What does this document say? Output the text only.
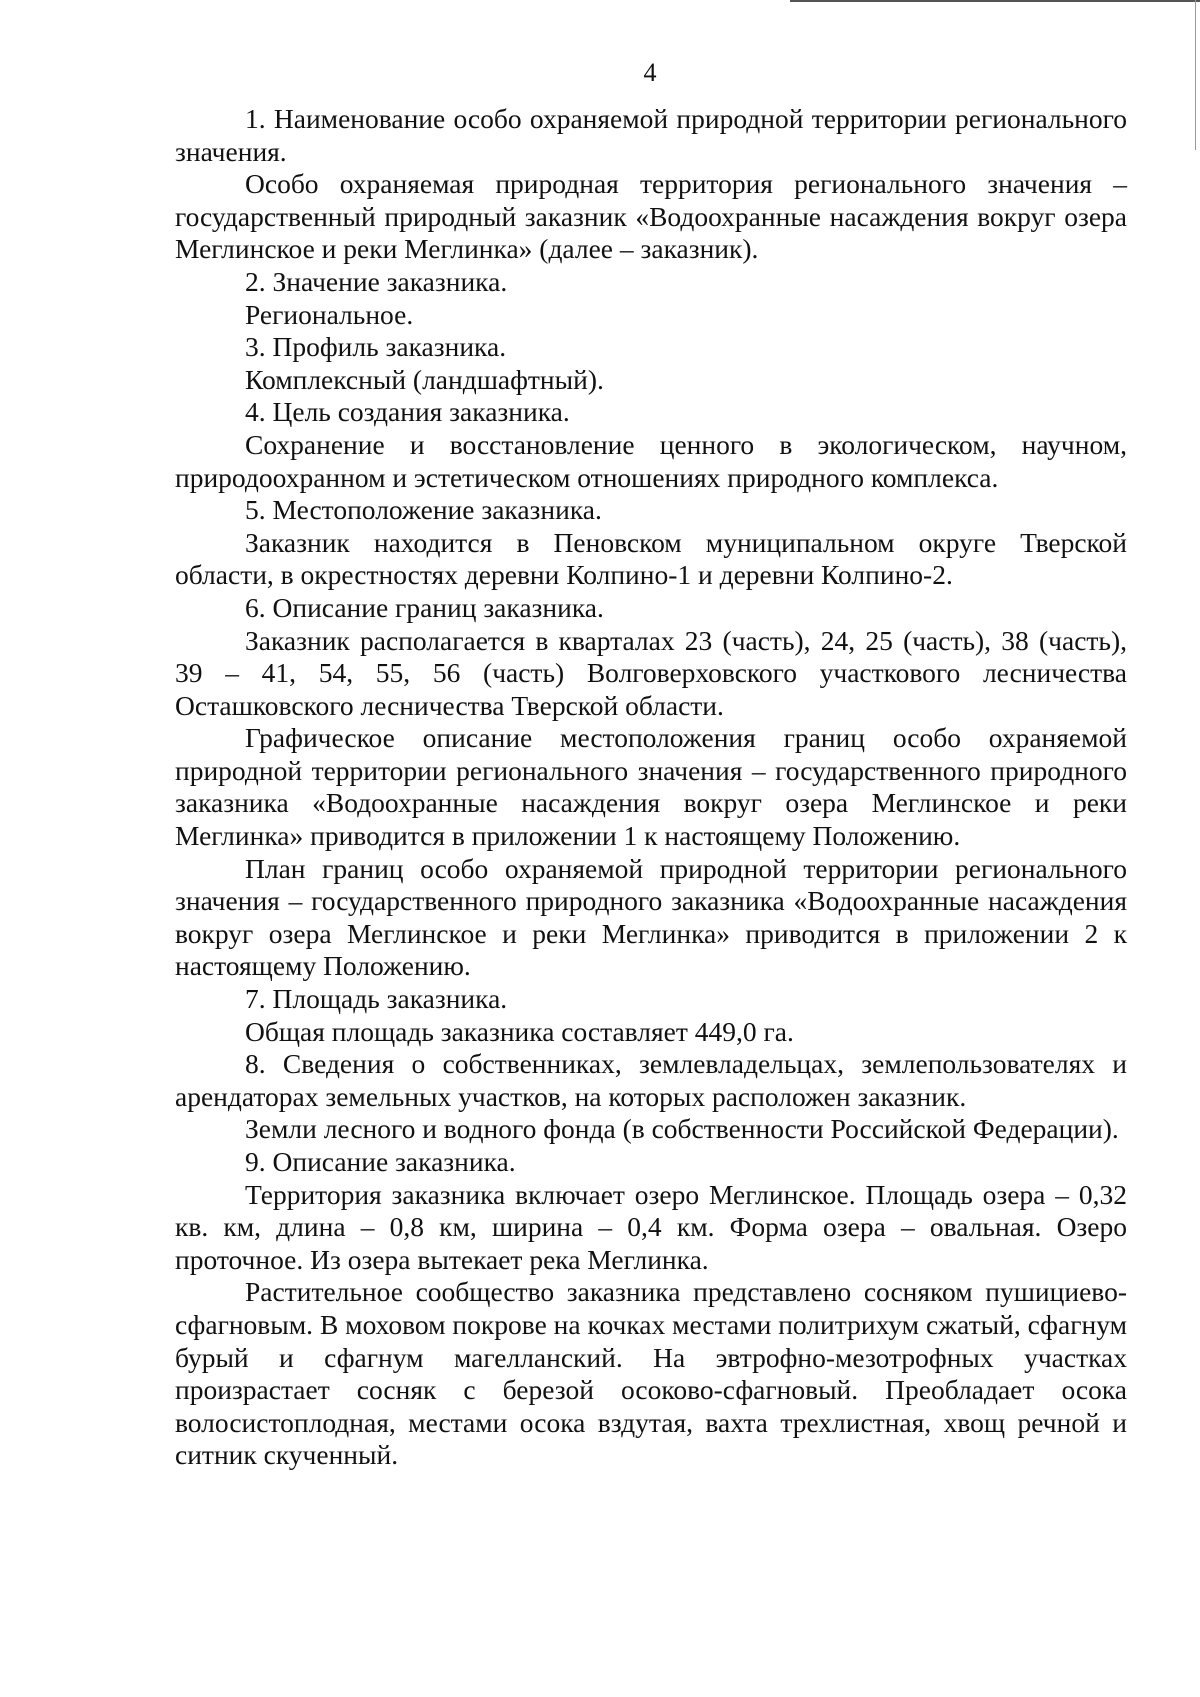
4

1. Наименование особо охраняемой природной территории регионального значения.

Особо охраняемая природная территория регионального значения – государственный природный заказник «Водоохранные насаждения вокруг озера Меглинское и реки Меглинка» (далее – заказник).

2. Значение заказника.

Региональное.

3. Профиль заказника.

Комплексный (ландшафтный).

4. Цель создания заказника.

Сохранение и восстановление ценного в экологическом, научном, природоохранном и эстетическом отношениях природного комплекса.

5. Местоположение заказника.

Заказник находится в Пеновском муниципальном округе Тверской области, в окрестностях деревни Колпино-1 и деревни Колпино-2.

6. Описание границ заказника.

Заказник располагается в кварталах 23 (часть), 24, 25 (часть), 38 (часть), 39 – 41, 54, 55, 56 (часть) Волговерховского участкового лесничества Осташковского лесничества Тверской области.

Графическое описание местоположения границ особо охраняемой природной территории регионального значения – государственного природного заказника «Водоохранные насаждения вокруг озера Меглинское и реки Меглинка» приводится в приложении 1 к настоящему Положению.

План границ особо охраняемой природной территории регионального значения – государственного природного заказника «Водоохранные насаждения вокруг озера Меглинское и реки Меглинка» приводится в приложении 2 к настоящему Положению.

7. Площадь заказника.

Общая площадь заказника составляет 449,0 га.

8. Сведения о собственниках, землевладельцах, землепользователях и арендаторах земельных участков, на которых расположен заказник.

Земли лесного и водного фонда (в собственности Российской Федерации).

9. Описание заказника.

Территория заказника включает озеро Меглинское. Площадь озера – 0,32 кв. км, длина – 0,8 км, ширина – 0,4 км. Форма озера – овальная. Озеро проточное. Из озера вытекает река Меглинка.

Растительное сообщество заказника представлено сосняком пушициево-сфагновым. В моховом покрове на кочках местами политрихум сжатый, сфагнум бурый и сфагнум магелланский. На эвтрофно-мезотрофных участках произрастает сосняк с березой осоково-сфагновый. Преобладает осока волосистоплодная, местами осока вздутая, вахта трехлистная, хвощ речной и ситник скученный.
